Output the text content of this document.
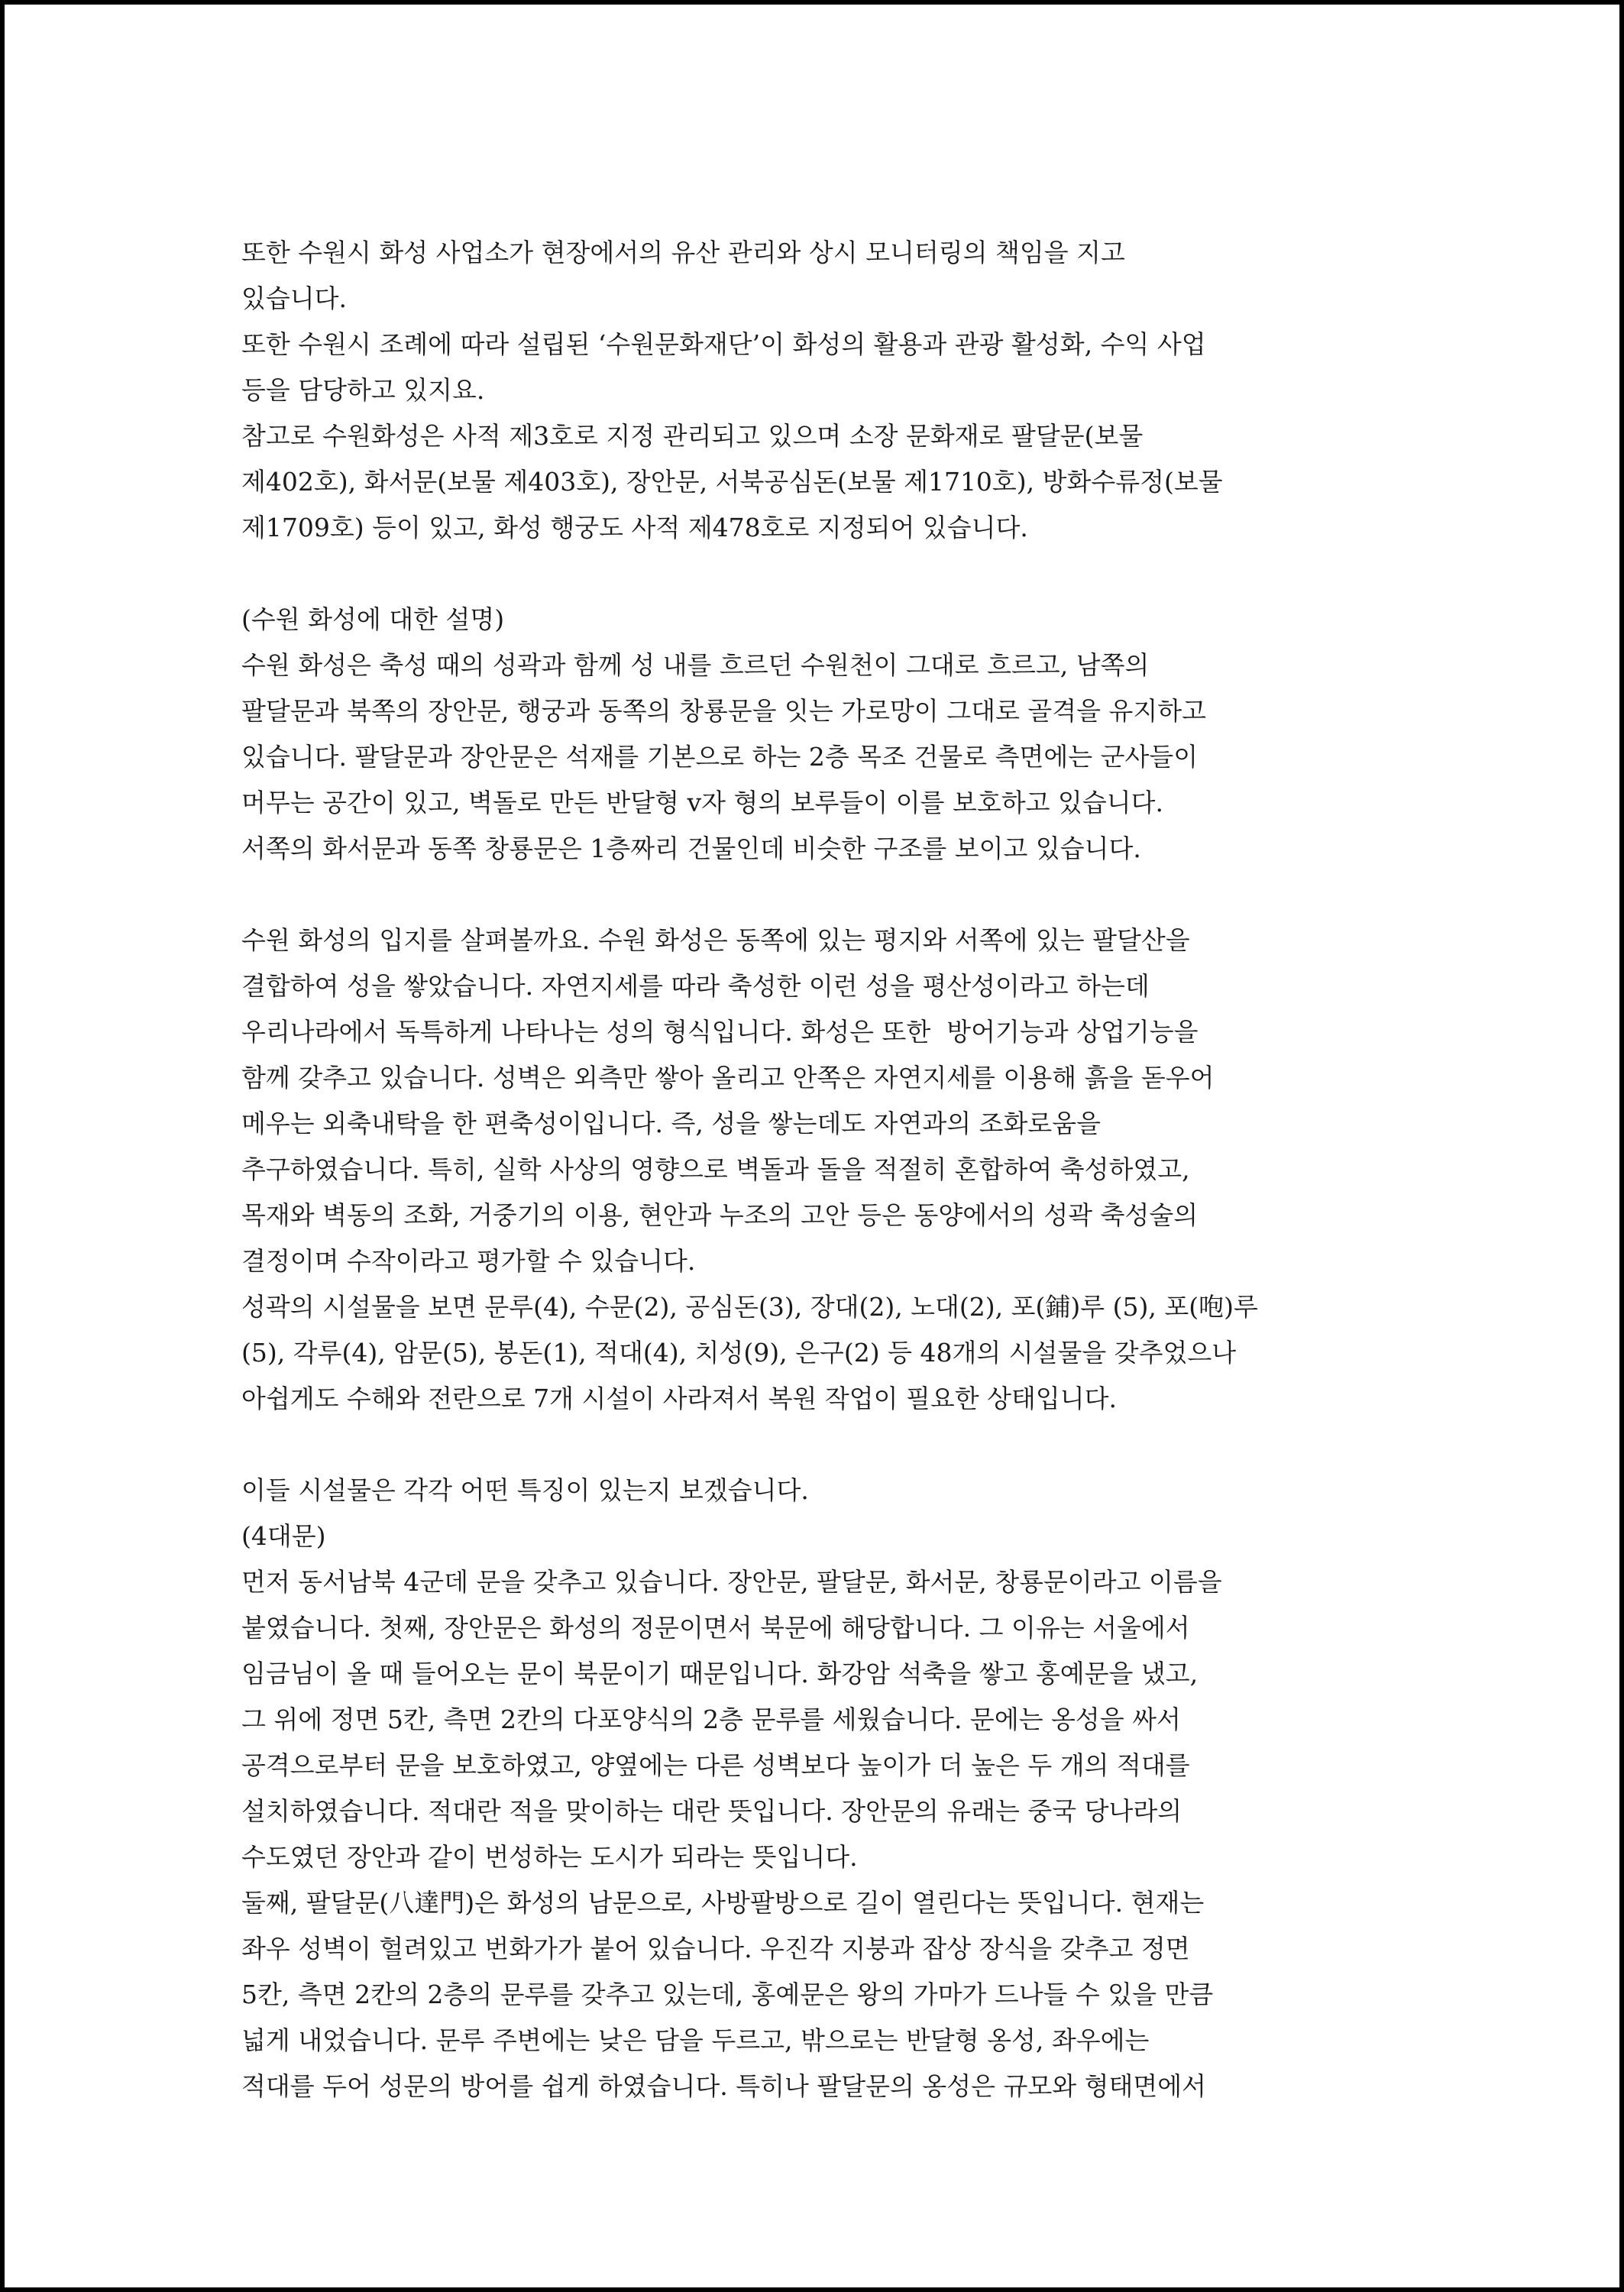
또한 수원시 화성 사업소가 현장에서의 유산 관리와 상시 모니터링의 책임을 지고
있습니다.
또한 수원시 조례에 따라 설립된 ‘수원문화재단’이 화성의 활용과 관광 활성화, 수익 사업
등을 담당하고 있지요.
참고로 수원화성은 사적 제3호로 지정 관리되고 있으며 소장 문화재로 팔달문(보물
제402호), 화서문(보물 제403호), 장안문, 서북공심돈(보물 제1710호), 방화수류정(보물
제1709호) 등이 있고, 화성 행궁도 사적 제478호로 지정되어 있습니다.
(수원 화성에 대한 설명)
수원 화성은 축성 때의 성곽과 함께 성 내를 흐르던 수원천이 그대로 흐르고, 남쪽의
팔달문과 북쪽의 장안문, 행궁과 동쪽의 창룡문을 잇는 가로망이 그대로 골격을 유지하고
있습니다. 팔달문과 장안문은 석재를 기본으로 하는 2층 목조 건물로 측면에는 군사들이
머무는 공간이 있고, 벽돌로 만든 반달형 v자 형의 보루들이 이를 보호하고 있습니다.
서쪽의 화서문과 동쪽 창룡문은 1층짜리 건물인데 비슷한 구조를 보이고 있습니다.
수원 화성의 입지를 살펴볼까요. 수원 화성은 동쪽에 있는 평지와 서쪽에 있는 팔달산을
결합하여 성을 쌓았습니다. 자연지세를 따라 축성한 이런 성을 평산성이라고 하는데
우리나라에서 독특하게 나타나는 성의 형식입니다. 화성은 또한  방어기능과 상업기능을
함께 갖추고 있습니다. 성벽은 외측만 쌓아 올리고 안쪽은 자연지세를 이용해 흙을 돋우어
메우는 외축내탁을 한 편축성이입니다. 즉, 성을 쌓는데도 자연과의 조화로움을
추구하였습니다. 특히, 실학 사상의 영향으로 벽돌과 돌을 적절히 혼합하여 축성하였고,
목재와 벽동의 조화, 거중기의 이용, 현안과 누조의 고안 등은 동양에서의 성곽 축성술의
결정이며 수작이라고 평가할 수 있습니다.
성곽의 시설물을 보면 문루(4), 수문(2), 공심돈(3), 장대(2), 노대(2), 포(鋪)루 (5), 포(咆)루
(5), 각루(4), 암문(5), 봉돈(1), 적대(4), 치성(9), 은구(2) 등 48개의 시설물을 갖추었으나
아쉽게도 수해와 전란으로 7개 시설이 사라져서 복원 작업이 필요한 상태입니다.
이들 시설물은 각각 어떤 특징이 있는지 보겠습니다.
(4대문)
먼저 동서남북 4군데 문을 갖추고 있습니다. 장안문, 팔달문, 화서문, 창룡문이라고 이름을
붙였습니다. 첫째, 장안문은 화성의 정문이면서 북문에 해당합니다. 그 이유는 서울에서
임금님이 올 때 들어오는 문이 북문이기 때문입니다. 화강암 석축을 쌓고 홍예문을 냈고,
그 위에 정면 5칸, 측면 2칸의 다포양식의 2층 문루를 세웠습니다. 문에는 옹성을 싸서
공격으로부터 문을 보호하였고, 양옆에는 다른 성벽보다 높이가 더 높은 두 개의 적대를
설치하였습니다. 적대란 적을 맞이하는 대란 뜻입니다. 장안문의 유래는 중국 당나라의
수도였던 장안과 같이 번성하는 도시가 되라는 뜻입니다.
둘째, 팔달문(八達門)은 화성의 남문으로, 사방팔방으로 길이 열린다는 뜻입니다. 현재는
좌우 성벽이 헐려있고 번화가가 붙어 있습니다. 우진각 지붕과 잡상 장식을 갖추고 정면
5칸, 측면 2칸의 2층의 문루를 갖추고 있는데, 홍예문은 왕의 가마가 드나들 수 있을 만큼
넓게 내었습니다. 문루 주변에는 낮은 담을 두르고, 밖으로는 반달형 옹성, 좌우에는
적대를 두어 성문의 방어를 쉽게 하였습니다. 특히나 팔달문의 옹성은 규모와 형태면에서
